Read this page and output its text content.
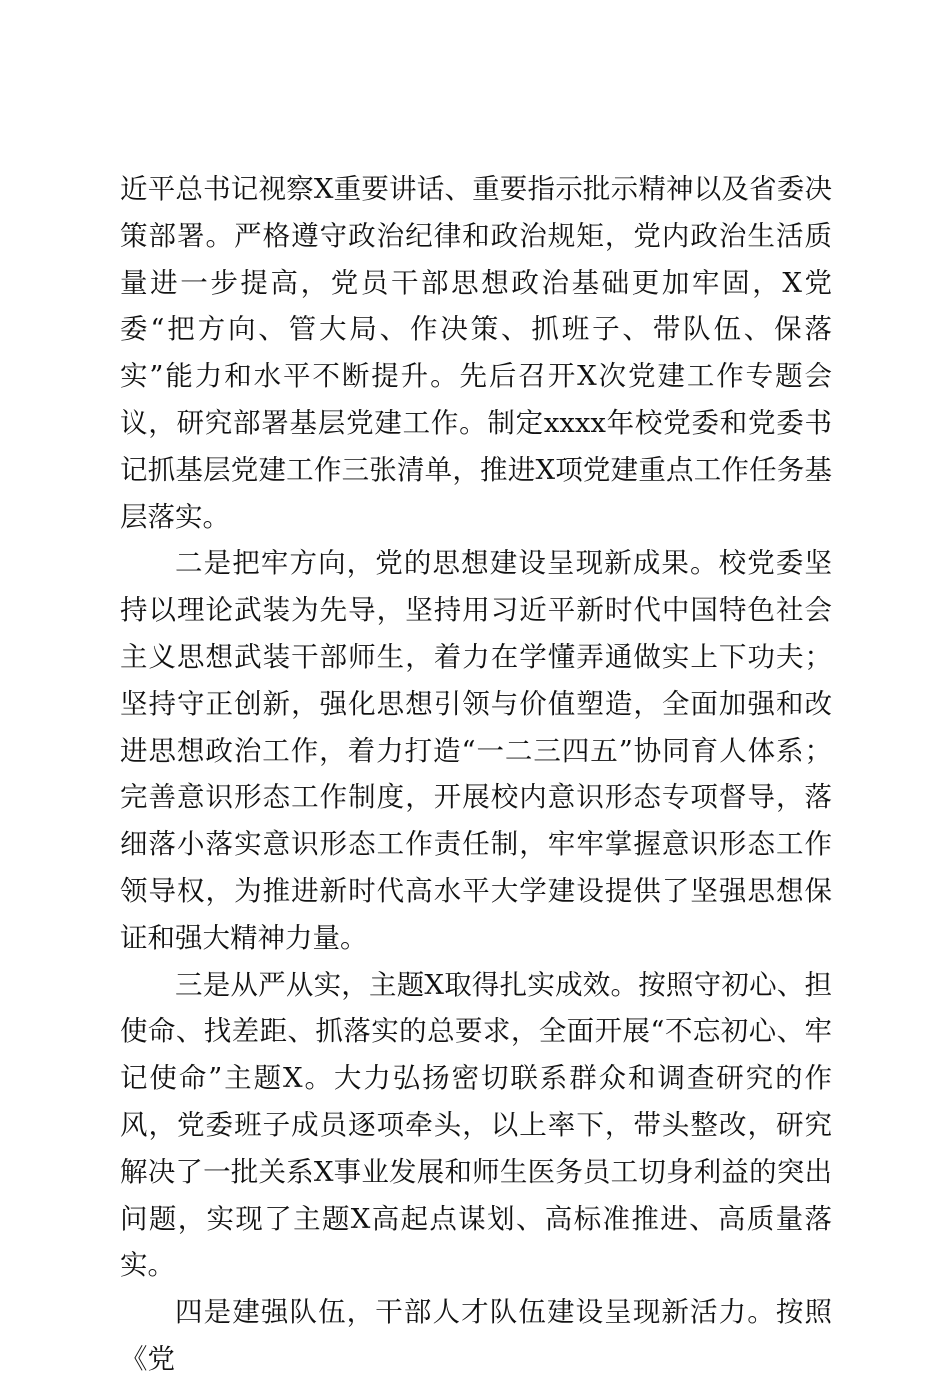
近平总书记视察X重要讲话、重要指示批示精神以及省委决策部署。严格遵守政治纪律和政治规矩，党内政治生活质量进一步提高，党员干部思想政治基础更加牢固，X党委“把方向、管大局、作决策、抓班子、带队伍、保落实”能力和水平不断提升。先后召开X次党建工作专题会议，研究部署基层党建工作。制定xxxx年校党委和党委书记抓基层党建工作三张清单，推进X项党建重点工作任务基层落实。

二是把牢方向，党的思想建设呈现新成果。校党委坚持以理论武装为先导，坚持用习近平新时代中国特色社会主义思想武装干部师生，着力在学懂弄通做实上下功夫；坚持守正创新，强化思想引领与价值塑造，全面加强和改进思想政治工作，着力打造“一二三四五”协同育人体系；完善意识形态工作制度，开展校内意识形态专项督导，落细落小落实意识形态工作责任制，牢牢掌握意识形态工作领导权，为推进新时代高水平大学建设提供了坚强思想保证和强大精神力量。

三是从严从实，主题X取得扎实成效。按照守初心、担使命、找差距、抓落实的总要求，全面开展“不忘初心、牢记使命”主题X。大力弘扬密切联系群众和调查研究的作风，党委班子成员逐项牵头，以上率下，带头整改，研究解决了一批关系X事业发展和师生医务员工切身利益的突出问题，实现了主题X高起点谋划、高标准推进、高质量落实。

四是建强队伍，干部人才队伍建设呈现新活力。按照《党
